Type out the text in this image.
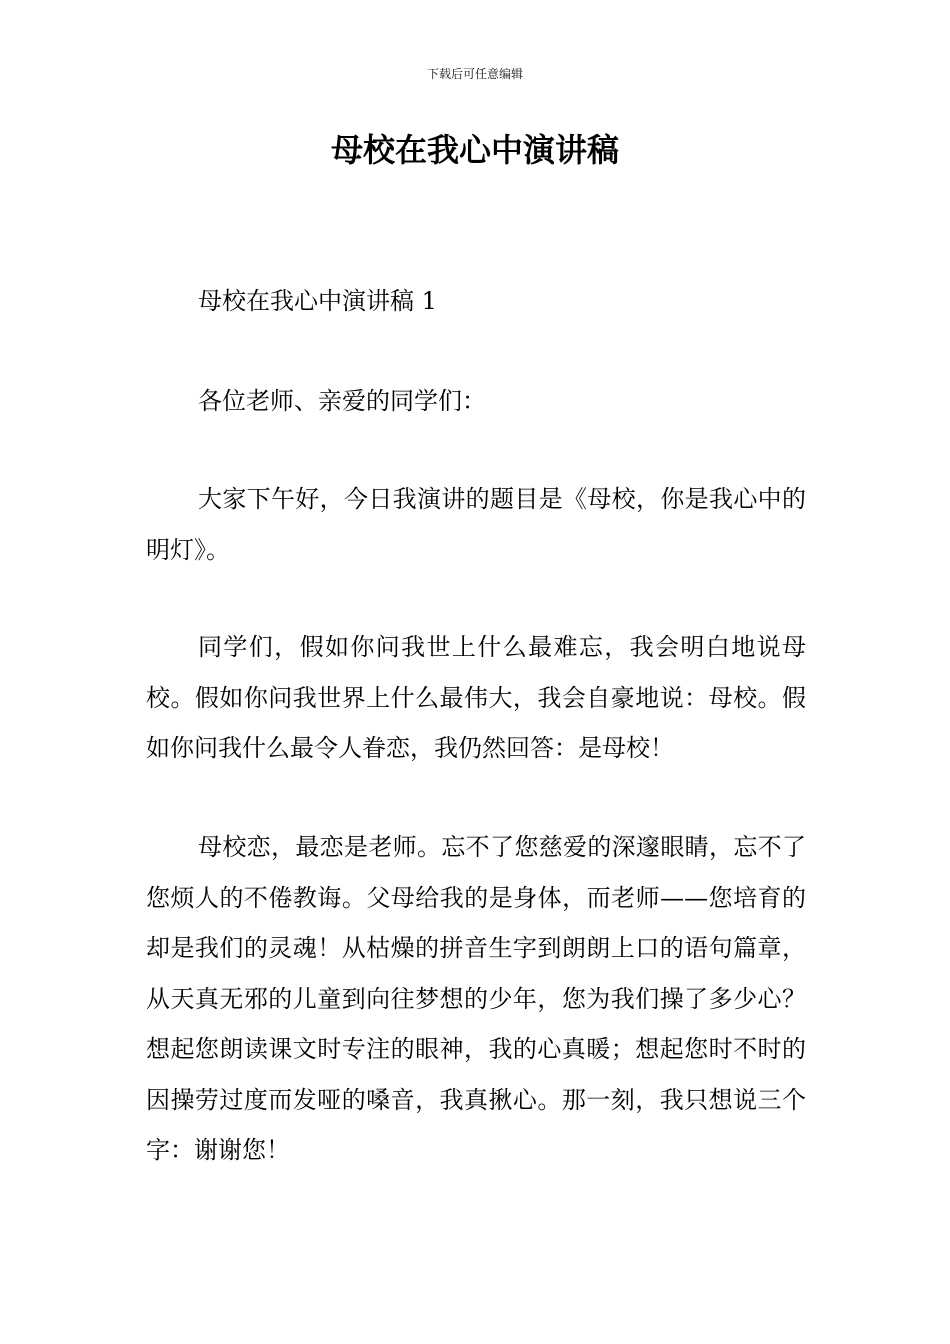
下载后可任意编辑
母校在我心中演讲稿

母校在我心中演讲稿 1

各位老师、亲爱的同学们：

大家下午好，今日我演讲的题目是《母校，你是我心中的明灯》。

同学们，假如你问我世上什么最难忘，我会明白地说母校。假如你问我世界上什么最伟大，我会自豪地说：母校。假如你问我什么最令人眷恋，我仍然回答：是母校！

母校恋，最恋是老师。忘不了您慈爱的深邃眼睛，忘不了您烦人的不倦教诲。父母给我的是身体，而老师——您培育的却是我们的灵魂！从枯燥的拼音生字到朗朗上口的语句篇章，从天真无邪的儿童到向往梦想的少年，您为我们操了多少心？想起您朗读课文时专注的眼神，我的心真暖；想起您时不时的因操劳过度而发哑的嗓音，我真揪心。那一刻，我只想说三个字：谢谢您！
